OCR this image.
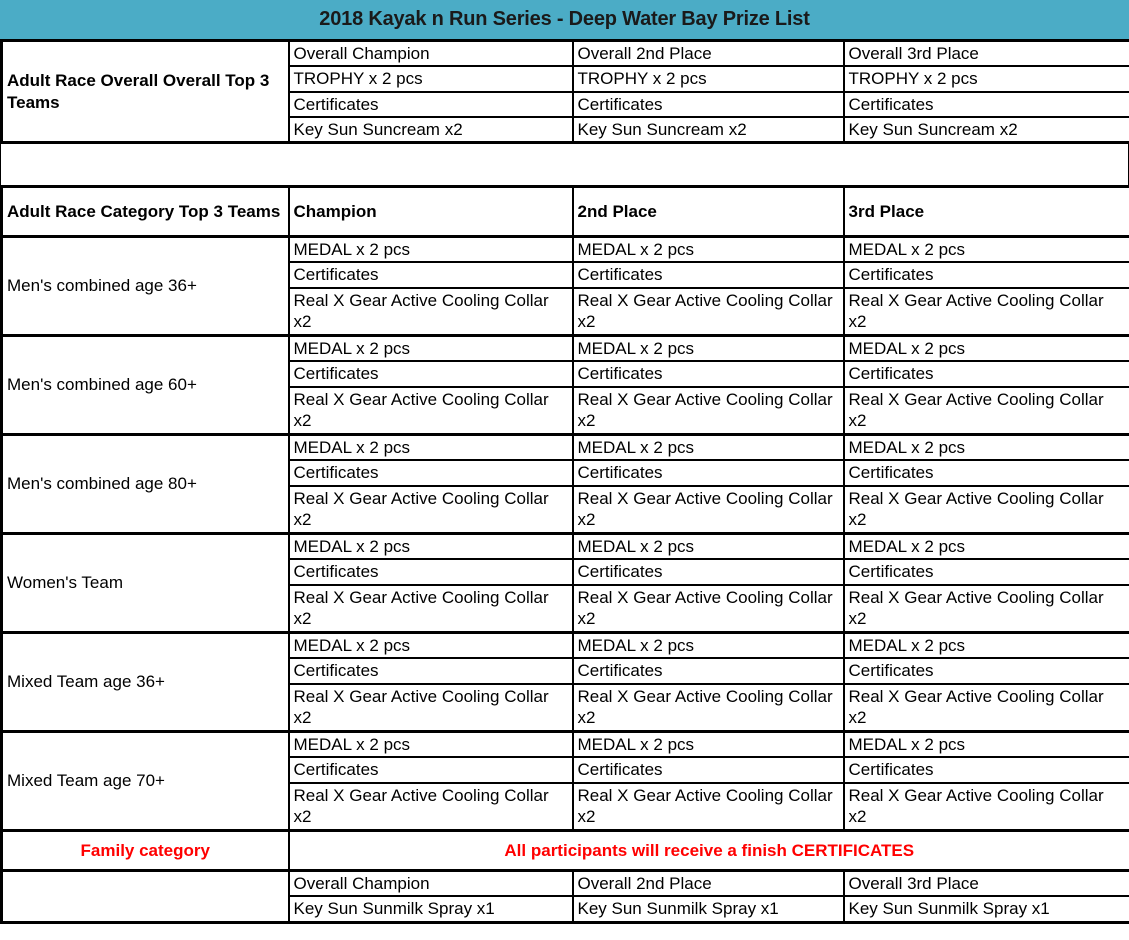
2018 Kayak n Run Series - Deep Water Bay Prize List
Adult Race Overall Overall Top 3 Teams	Overall Champion	Overall 2nd Place	Overall 3rd Place
	TROPHY x 2 pcs	TROPHY x 2 pcs	TROPHY x 2 pcs
	Certificates	Certificates	Certificates
	Key Sun Suncream x2	Key Sun Suncream x2	Key Sun Suncream x2
Adult Race Category Top 3 Teams	Champion	2nd Place	3rd Place
Men's combined age 36+	MEDAL x 2 pcs	MEDAL x 2 pcs	MEDAL x 2 pcs
	Certificates	Certificates	Certificates
	Real X Gear Active Cooling Collar x2	Real X Gear Active Cooling Collar x2	Real X Gear Active Cooling Collar x2
Men's combined age 60+	MEDAL x 2 pcs	MEDAL x 2 pcs	MEDAL x 2 pcs
	Certificates	Certificates	Certificates
	Real X Gear Active Cooling Collar x2	Real X Gear Active Cooling Collar x2	Real X Gear Active Cooling Collar x2
Men's combined age 80+	MEDAL x 2 pcs	MEDAL x 2 pcs	MEDAL x 2 pcs
	Certificates	Certificates	Certificates
	Real X Gear Active Cooling Collar x2	Real X Gear Active Cooling Collar x2	Real X Gear Active Cooling Collar x2
Women's Team	MEDAL x 2 pcs	MEDAL x 2 pcs	MEDAL x 2 pcs
	Certificates	Certificates	Certificates
	Real X Gear Active Cooling Collar x2	Real X Gear Active Cooling Collar x2	Real X Gear Active Cooling Collar x2
Mixed Team age 36+	MEDAL x 2 pcs	MEDAL x 2 pcs	MEDAL x 2 pcs
	Certificates	Certificates	Certificates
	Real X Gear Active Cooling Collar x2	Real X Gear Active Cooling Collar x2	Real X Gear Active Cooling Collar x2
Mixed Team age 70+	MEDAL x 2 pcs	MEDAL x 2 pcs	MEDAL x 2 pcs
	Certificates	Certificates	Certificates
	Real X Gear Active Cooling Collar x2	Real X Gear Active Cooling Collar x2	Real X Gear Active Cooling Collar x2
Family category	All participants will receive a finish CERTIFICATES		
	Overall Champion	Overall 2nd Place	Overall 3rd Place
	Key Sun Sunmilk Spray x1	Key Sun Sunmilk Spray x1	Key Sun Sunmilk Spray x1
